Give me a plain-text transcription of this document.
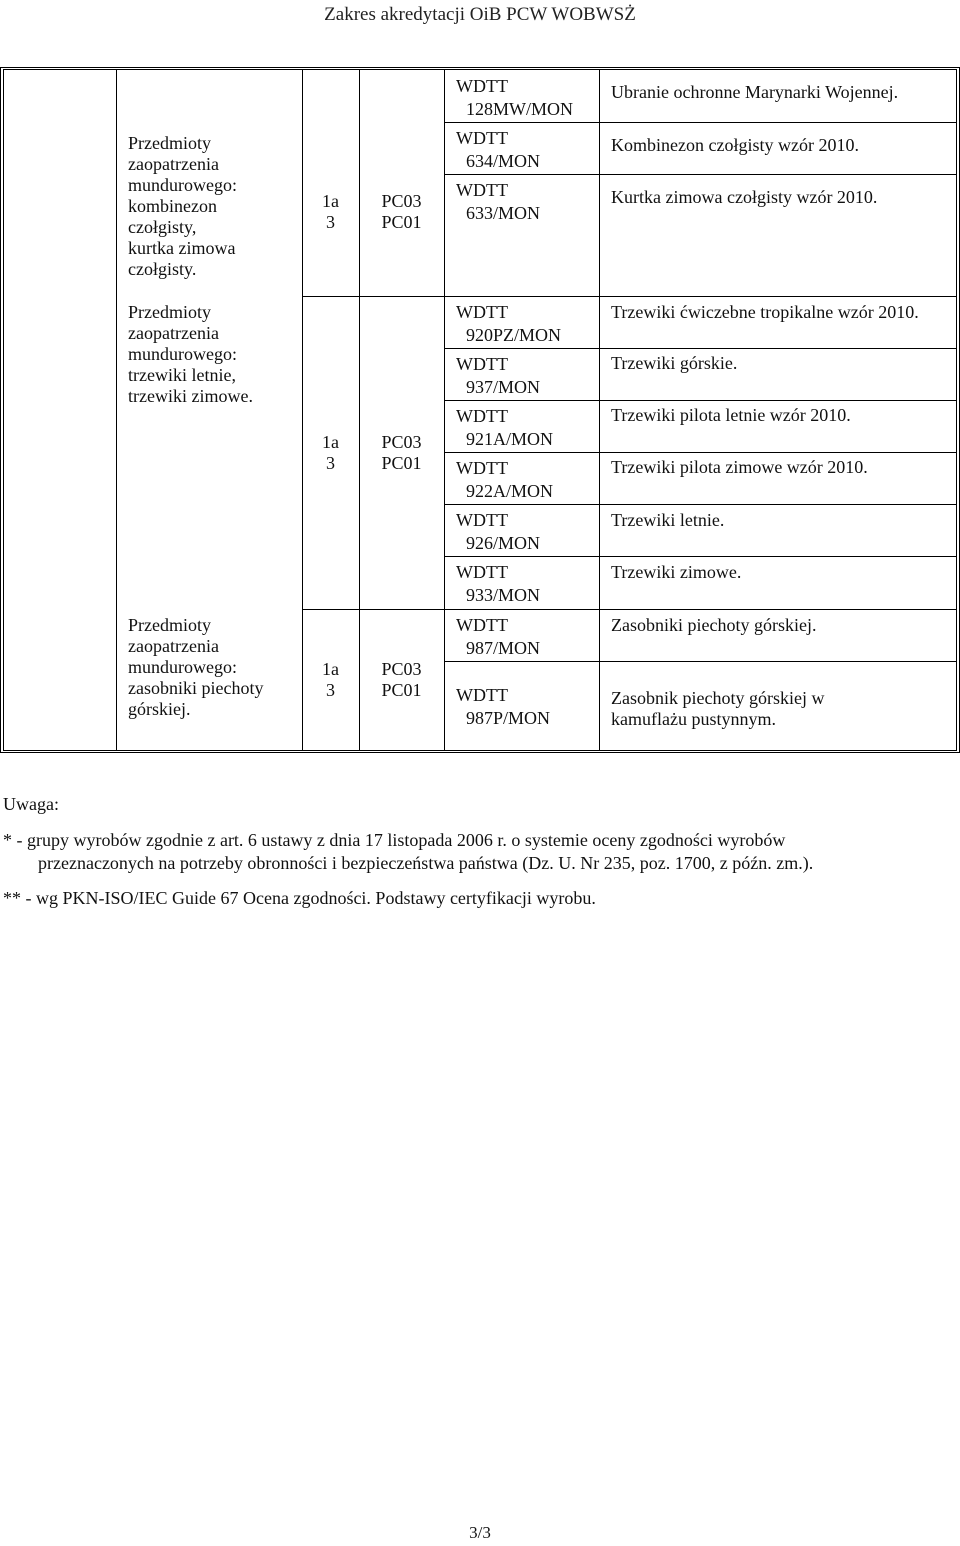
Zakres akredytacji OiB PCW WOBWSŻ
Przedmioty
zaopatrzenia
mundurowego:
kombinezon
czołgisty,
kurtka zimowa
czołgisty.
Przedmioty
zaopatrzenia
mundurowego:
trzewiki letnie,
trzewiki zimowe.
Przedmioty
zaopatrzenia
mundurowego:
zasobniki piechoty
górskiej.
1a
3
1a
3
1a
3
PC03
PC01
PC03
PC01
PC03
PC01
WDTT
128MW/MON
WDTT
634/MON
WDTT
633/MON
WDTT
920PZ/MON
WDTT
937/MON
WDTT
921A/MON
WDTT
922A/MON
WDTT
926/MON
WDTT
933/MON
WDTT
987/MON
WDTT
987P/MON
Ubranie ochronne Marynarki Wojennej.
Kombinezon czołgisty wzór 2010.
Kurtka zimowa czołgisty wzór 2010.
Trzewiki ćwiczebne tropikalne wzór 2010.
Trzewiki górskie.
Trzewiki pilota letnie wzór 2010.
Trzewiki pilota zimowe wzór 2010.
Trzewiki letnie.
Trzewiki zimowe.
Zasobniki piechoty górskiej.
Zasobnik piechoty górskiej w kamuflażu pustynnym.
Uwaga:
* - grupy wyrobów zgodnie z art. 6 ustawy z dnia 17 listopada 2006 r. o systemie oceny zgodności wyrobów
przeznaczonych na potrzeby obronności i bezpieczeństwa państwa (Dz. U. Nr 235, poz. 1700, z późn. zm.).
** - wg PKN-ISO/IEC Guide 67 Ocena zgodności. Podstawy certyfikacji wyrobu.
3/3
